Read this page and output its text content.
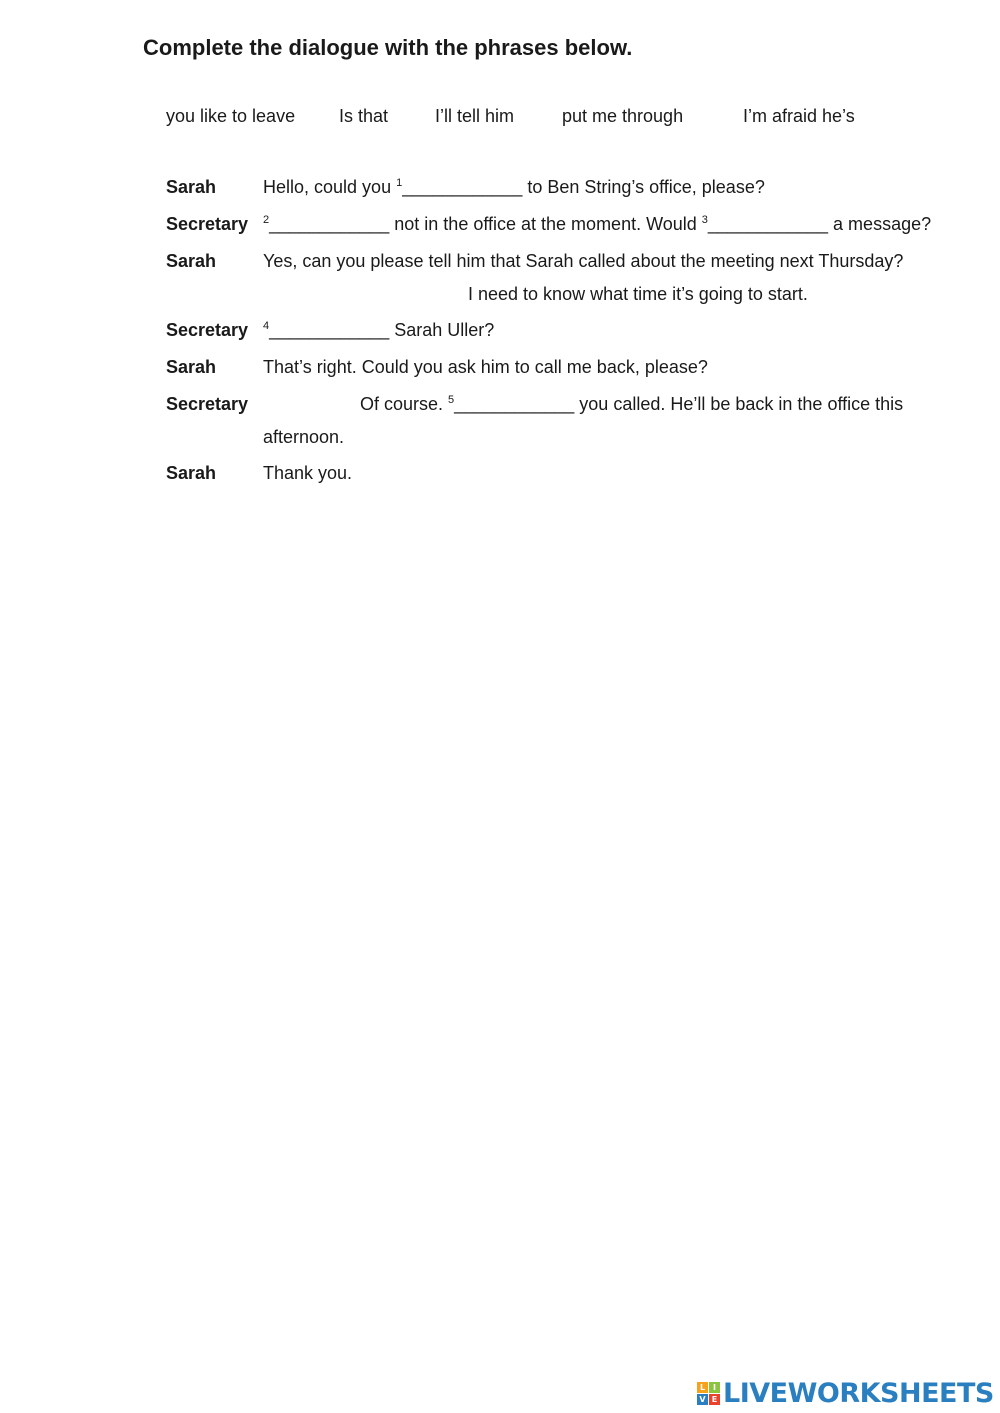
Complete the dialogue with the phrases below.
you like to leave Is that	I’ll tell him	put me through	I’m afraid he’s
Sarah	Hello, could you $^1$____________ to Ben String’s office, please?
Secretary $^2$____________ not in the office at the moment. Would $^3$____________ a message?
Sarah	Yes, can you please tell him that Sarah called about the meeting next Thursday?
I need to know what time it’s going to start.
Secretary $^4$____________ Sarah Uller?
Sarah	That’s right. Could you ask him to call me back, please?
Secretary	Of course. $^5$____________ you called. He’ll be back in the office this
afternoon.
Sarah	Thank you.
L I
V E LIVEWORKSHEETS
